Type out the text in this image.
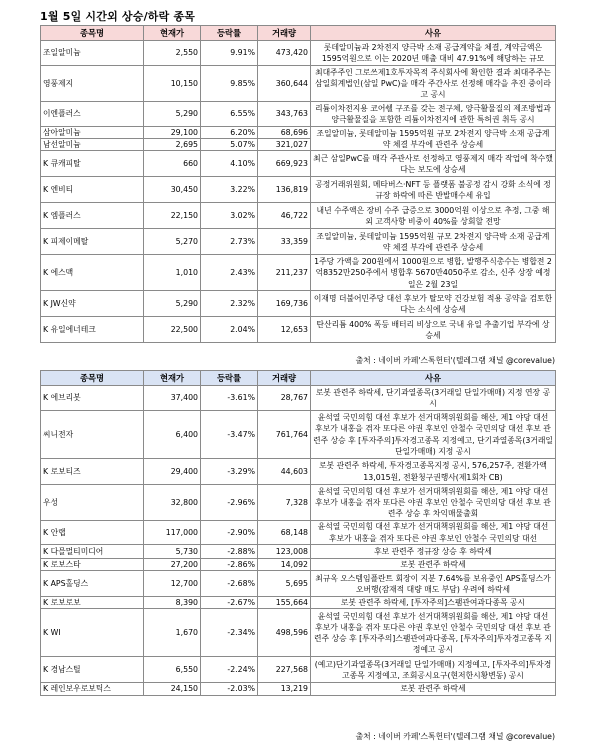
1월 5일 시간외 상승/하락 종목
종목명	현재가	등락률	거래량	사유
조일알미늄	2,550	9.91%	473,420	롯데알미늄과 2차전지 양극박 소재 공급계약을 체결, 계약금액은 1595억원으로 이는 2020년 매출 대비 47.91%에 해당하는 규모
영풍제지	10,150	9.85%	360,644	최대주주인 그로쓰제1호투자목적 주식회사에 확인한 결과 최대주주는 삼일회계법인(삼일 PwC)을 매각 주간사로 선정해 매각을 추진 중이라고 공시
이엔플러스	5,290	6.55%	343,763	리튬이차전지용 코어쉘 구조를 갖는 전구체, 양극활물질의 제조방법과 양극활물질을 포함한 리튬이차전지에 관한 특허권 취득 공시
삼아알미늄	29,100	6.20%	68,696	조일알미늄, 롯데알미늄 1595억원 규모 2차전지 양극박 소재 공급계약 체결 부각에 관련주 상승세
남선알미늄	2,695	5.07%	321,027	
K 큐캐피탈	660	4.10%	669,923	최근 삼일PwC를 매각 주관사로 선정하고 영풍제지 매각 작업에 착수했다는 보도에 상승세
K 엔비티	30,450	3.22%	136,819	공정거래위원회, 메타버스·NFT 등 플랫폼 불공정 감시 강화 소식에 정규장 하락에 따른 반발매수세 유입
K 엠플러스	22,150	3.02%	46,722	내년 수주액은 장비 수주 급증으로 3000억원 이상으로 추정, 그중 해외 고객사향 비중이 40%를 상회할 전망
K 피제이메탈	5,270	2.73%	33,359	조일알미늄, 롯데알미늄 1595억원 규모 2차전지 양극박 소재 공급계약 체결 부각에 관련주 상승세
K 에스맥	1,010	2.43%	211,237	1주당 가액을 200원에서 1000원으로 병합, 발행주식총수는 병합전 2억8352만250주에서 병합후 5670만4050주로 감소, 신주 상장 예정일은 2월 23일
K JW신약	5,290	2.32%	169,736	이재명 더불어민주당 대선 후보가 탈모약 건강보험 적용 공약을 검토한다는 소식에 상승세
K 유일에너테크	22,500	2.04%	12,653	탄산리튬 400% 폭등 배터리 비상으로 국내 유일 추출기업 부각에 상승세
출처 : 네이버 카페'스톡헌터'(텔레그램 채널 @corevalue)
종목명	현재가	등락률	거래량	사유
K 에브리봇	37,400	-3.61%	28,767	로봇 관련주 하락세, 단기과열종목(3거래일 단일가매매) 지정 연장 공시
씨니전자	6,400	-3.47%	761,764	윤석열 국민의힘 대선 후보가 선거대책위원회를 해산, 제1 야당 대선 후보가 내홍을 겪자 또다른 야권 후보인 안철수 국민의당 대선 후보 관련주 상승 후 [투자주의]투자경고종목 지정예고, 단기과열종목(3거래일 단일가매매) 지정 공시
K 로보티즈	29,400	-3.29%	44,603	로봇 관련주 하락세, 투자경고종목지정 공시, 576,257주, 전환가액 13,015원, 전환청구권행사(제1회차 CB)
우성	32,800	-2.96%	7,328	윤석열 국민의힘 대선 후보가 선거대책위원회를 해산, 제1 야당 대선 후보가 내홍을 겪자 또다른 야권 후보인 안철수 국민의당 대선 후보 관련주 상승 후 차익매물출회
K 안랩	117,000	-2.90%	68,148	윤석열 국민의힘 대선 후보가 선거대책위원회를 해산, 제1 야당 대선 후보가 내홍을 겪자 또다른 야권 후보인 안철수 국민의당 대선
K 다믈멀티미디어	5,730	-2.88%	123,008	후보 관련주 정규장 상승 후 하락세
K 로보스타	27,200	-2.86%	14,092	로봇 관련주 하락세
K APS홀딩스	12,700	-2.68%	5,695	최규옥 오스템임플란트 회장이 지분 7.64%를 보유중인 APS홀딩스가 오버행(잠재적 대량 매도 부담) 우려에 하락세
K 로보로보	8,390	-2.67%	155,664	로봇 관련주 하락세, [투자주의]스팸관여과다종목 공시
K WI	1,670	-2.34%	498,596	윤석열 국민의힘 대선 후보가 선거대책위원회를 해산, 제1 야당 대선 후보가 내홍을 겪자 또다른 야권 후보인 안철수 국민의당 대선 후보 관련주 상승 후 [투자주의]스팸관여과다종목, [투자주의]투자경고종목 지정예고 공시
K 경남스틸	6,550	-2.24%	227,568	(예고)단기과열종목(3거래일 단일가매매) 지정예고, [투자주의]투자경고종목 지정예고, 조회공시요구(현저한시황변동) 공시
K 레인보우로보틱스	24,150	-2.03%	13,219	로봇 관련주 하락세
출처 : 네이버 카페'스톡헌터'(텔레그램 채널 @corevalue)
